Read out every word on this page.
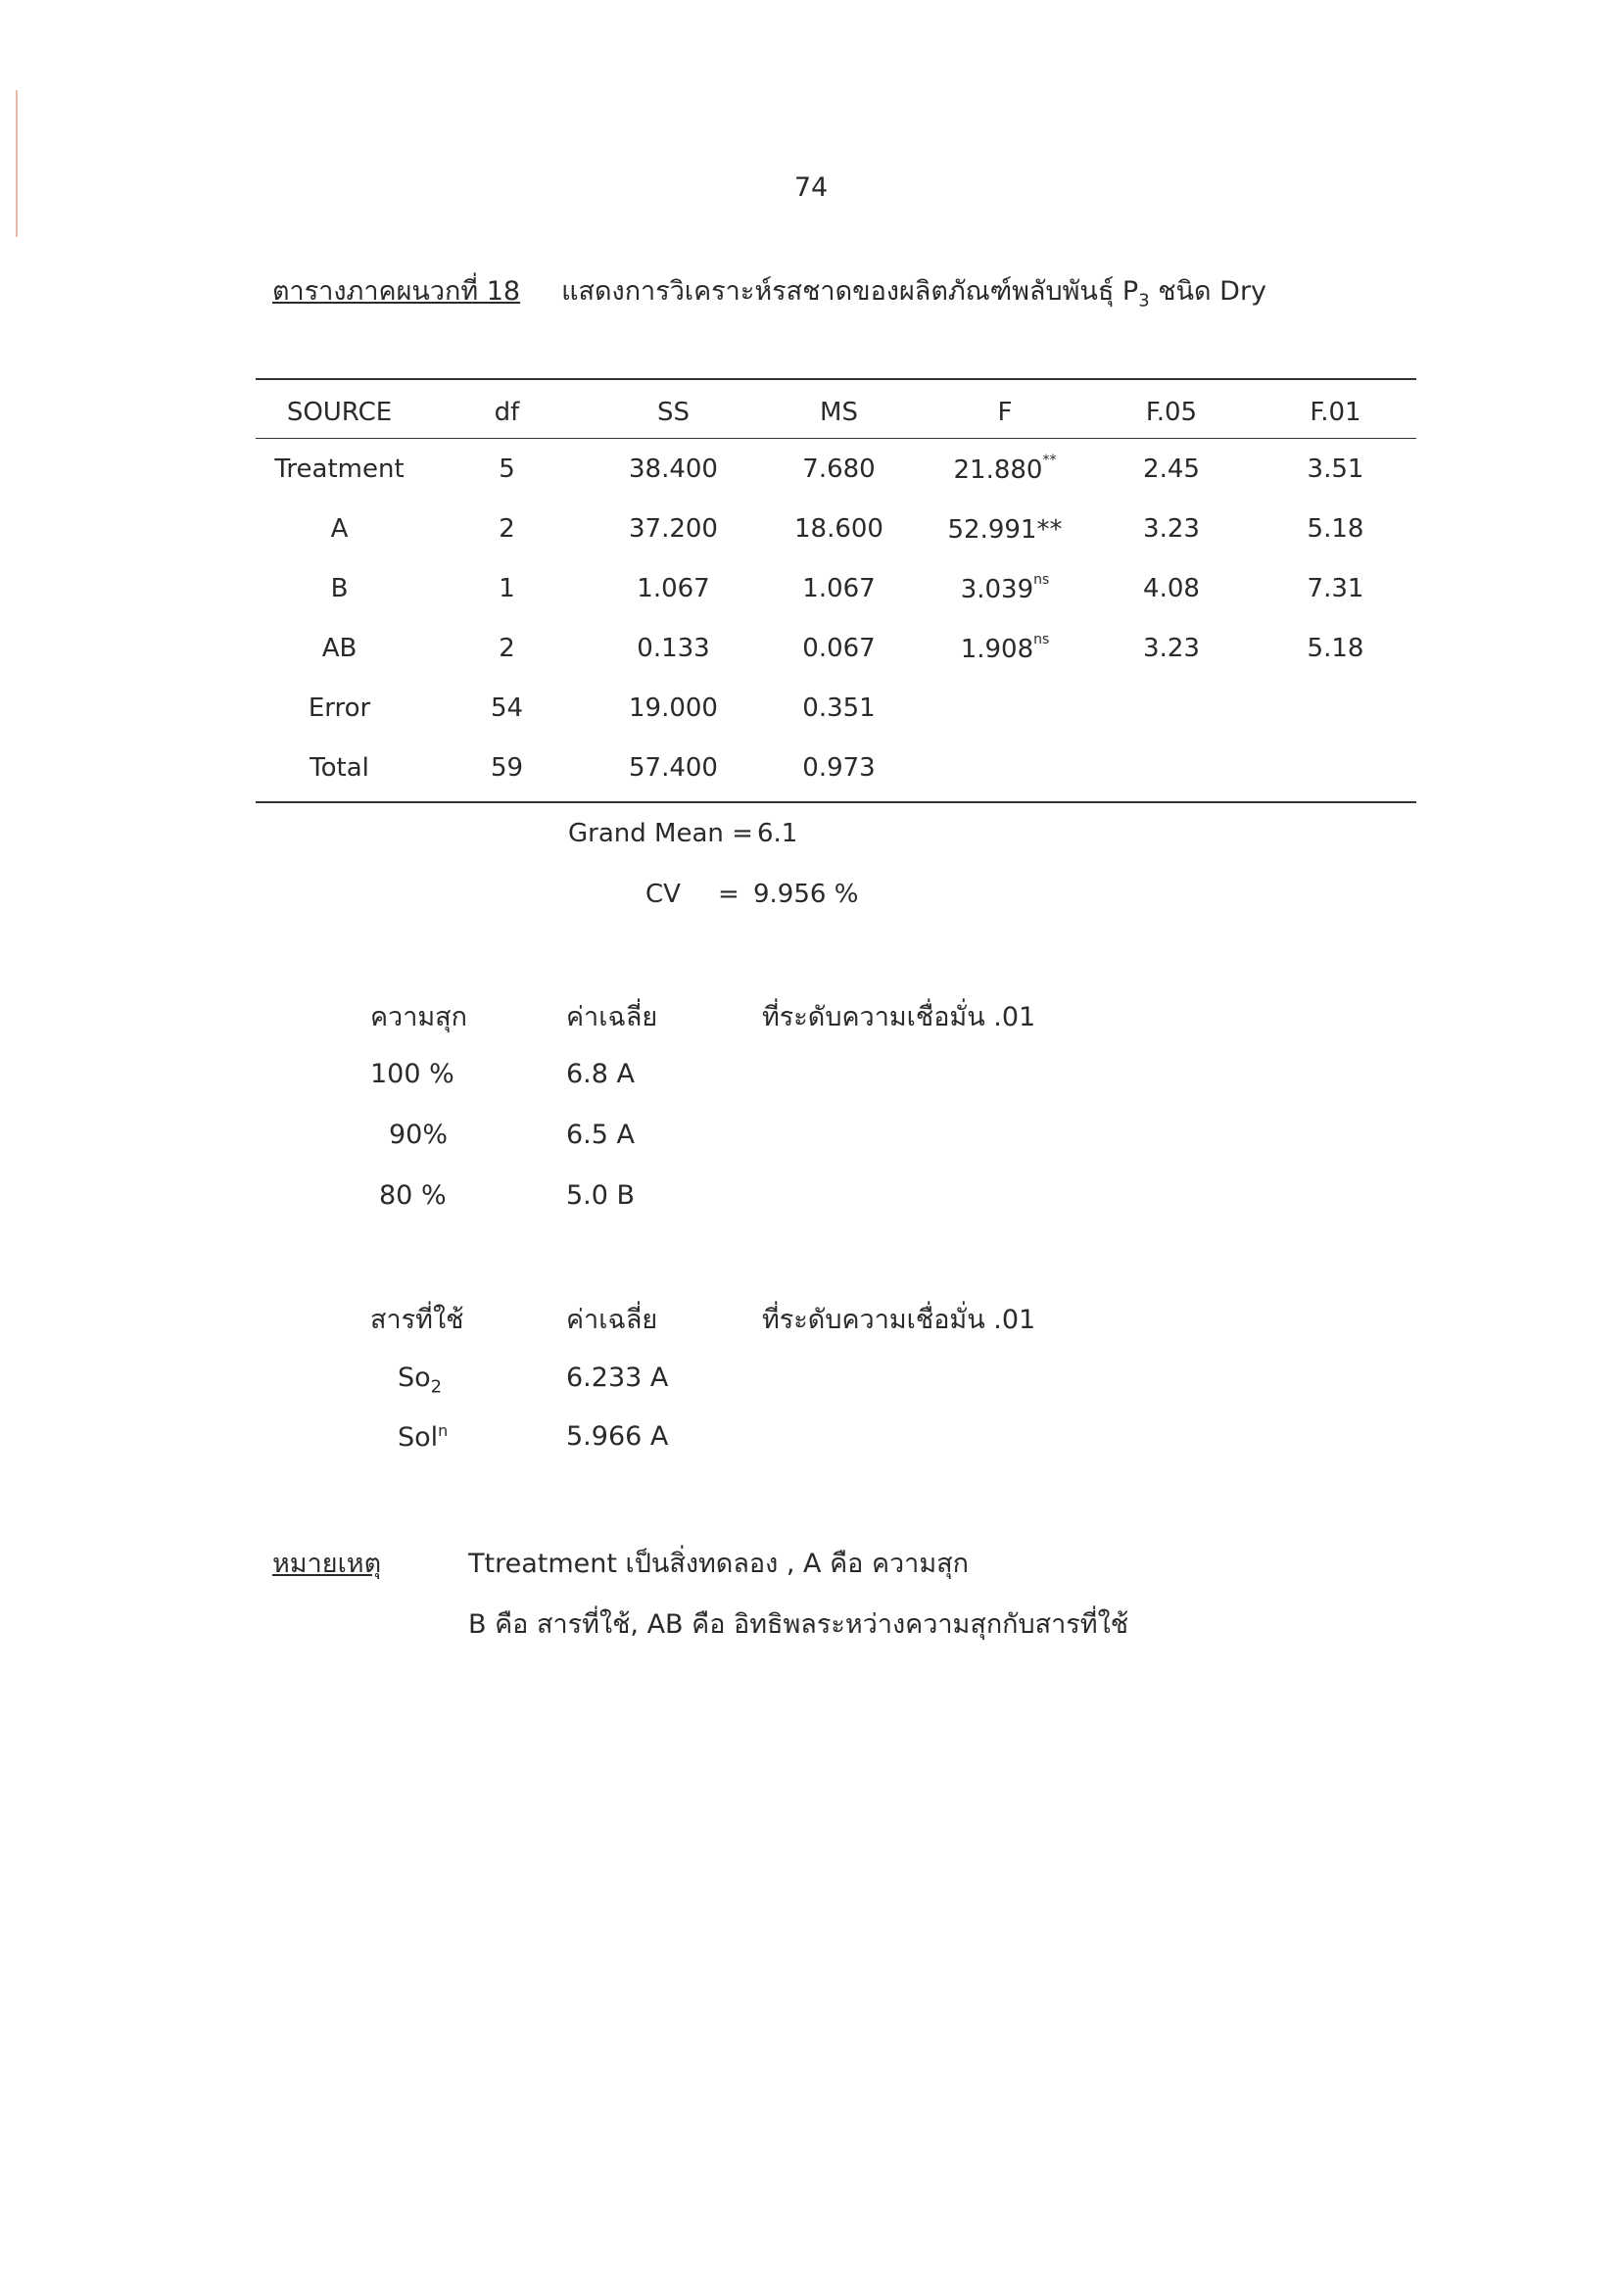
74
ตารางภาคผนวกที่ 18 แสดงการวิเคราะห์รสชาดของผลิตภัณฑ์พลับพันธุ์ $P_3$ ชนิด Dry
SOURCE	df	SS	MS	F	F.05	F.01
Treatment	5	38.400	7.680	21.880**	2.45	3.51
A	2	37.200	18.600	52.991**	3.23	5.18
B	1	1.067	1.067	$3.039^{ns}$	4.08	7.31
AB	2	0.133	0.067	$1.908^{ns}$	3.23	5.18
Error	54	19.000	0.351			
Total	59	57.400	0.973			
Grand Mean = 6.1
CV = 9.956 %
ความสุก	ค่าเฉลี่ย	ที่ระดับความเชื่อมั่น .01
100 %	6.8 A
90%	6.5 A
80 %	5.0 B
สารที่ใช้	ค่าเฉลี่ย	ที่ระดับความเชื่อมั่น .01
$So_2$	6.233 A
Sol$^n$	5.966 A
หมายเหตุ	Ttreatment เป็นสิ่งทดลอง , A คือ ความสุก
B คือ สารที่ใช้, AB คือ อิทธิพลระหว่างความสุกกับสารที่ใช้
